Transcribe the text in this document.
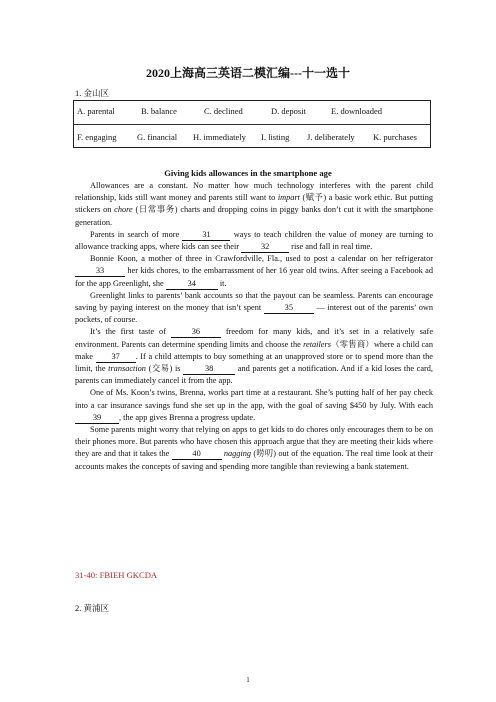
2020上海高三英语二模汇编---十一选十
1. 金山区
A. parental	B. balance	C. declined	D. deposit	E. downloaded
F. engaging G. financial H. immediately I. listing J. deliberately K. purchases
Giving kids allowances in the smartphone age

Allowances are a constant. No matter how much technology interferes with the parent child relationship, kids still want money and parents still want to impart (赋予) a basic work ethic. But putting stickers on chore (日常事务) charts and dropping coins in piggy banks don’t cut it with the smartphone generation.

Parents in search of more 31 ways to teach children the value of money are turning to allowance tracking apps, where kids can see their 32 rise and fall in real time.

Bonnie Koon, a mother of three in Crawfordville, Fla., used to post a calendar on her refrigerator 33	her kids chores, to the embarrassment of her 16 year old twins. After seeing a Facebook ad for the app Greenlight, she	34	it.

Greenlight links to parents’ bank accounts so that the payout can be seamless. Parents can encourage saving by paying interest on the money that isn’t spent	35	— interest out of the parents’ own pockets, of course.

It’s the first taste of	36	freedom for many kids, and it’s set in a relatively safe environment. Parents can determine spending limits and choose the retailers（零售商）where a child can make 37 . If a child attempts to buy something at an unapproved store or to spend more than the limit, the transaction (交易) is	38	and parents get a notification. And if a kid loses the card, parents can immediately cancel it from the app.

One of Ms. Koon’s twins, Brenna, works part time at a restaurant. She’s putting half of her pay check into a car insurance savings fund she set up in the app, with the goal of saving $450 by July. With each 39 , the app gives Brenna a progress update.

Some parents might worry that relying on apps to get kids to do chores only encourages them to be on their phones more. But parents who have chosen this approach argue that they are meeting their kids where they are and that it takes the	40	nagging (唠叨) out of the equation. The real time look at their accounts makes the concepts of saving and spending more tangible than reviewing a bank statement.

31-40: FBIEH GKCDA
2. 黄浦区
1
